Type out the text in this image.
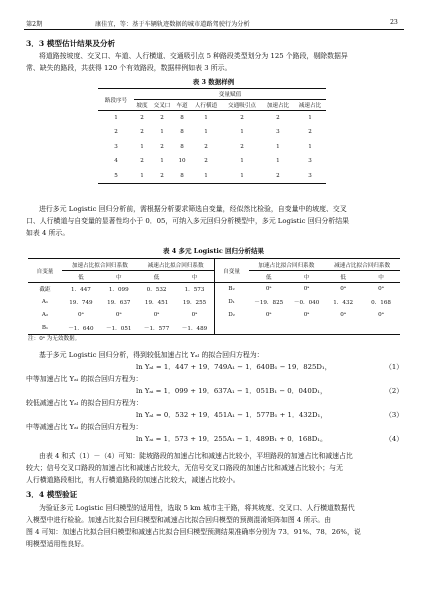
第2期	康佳宜，等：基于车辆轨迹数据的城市道路驾驶行为分析	23
3．3 模型估计结果及分析
将道路按坡度、交叉口、车道、人行横道、交通吸引点 5 种路段类型划分为 125 个路段，剔除数据异
常、缺失的路段，共获得 120 个有效路段，数据样例如表 3 所示。
表 3 数据样例
路段序号	变量赋值						
	坡度	交叉口	车道	人行横道	交通吸引点	加速占比	减速占比
1	2	2	8	1	2	2	1
2	2	1	8	1	1	3	2
3	1	2	8	2	2	1	1
4	2	1	10	2	1	1	3
5	1	2	8	1	1	2	3
进行多元 Logistic 回归分析前，需根据分析要求筛选自变量，经似然比检验，自变量中的坡度、交叉
口、人行横道与自变量的显著性均小于 0．05，可纳入多元回归分析模型中，多元 Logistic 回归分析结果
如表 4 所示。
表 4 多元 Logistic 回归分析结果
自变量	加速占比拟合回归系数		减速占比拟合回归系数		自变量	加速占比拟合回归系数		减速占比拟合回归系数	
	低	中	低	中		低	中	低	中
截距	1．447	1．099	0．532	1．573	B₂	0ᵃ	0ᵃ	0ᵃ	0ᵃ
A₁	19．749	19．637	19．451	19．255	D₁	－19．825	－0．040	1．432	0．168
A₂	0ᵃ	0ᵃ	0ᵃ	0ᵃ	D₂	0ᵃ	0ᵃ	0ᵃ	0ᵃ
B₁	－1．640	－1．051	－1．577	－1．489					
注：0ᵃ 为无效数据。
基于多元 Logistic 回归分析，得到较低加速占比 Yₐₗ 的拟合回归方程为：
ln Yₐₗ = 1．447 + 19．749A₁ − 1．640B₁ − 19．825D₁，	（1）
中等加速占比 Yₐᵢ 的拟合回归方程为：
ln Yₐᵢ = 1．099 + 19．637A₁ − 1．051B₁ − 0．040D₁，	（2）
较低减速占比 Yₐₗ 的拟合回归方程为：
ln Yₐₗ = 0．532 + 19．451A₁ − 1．577B₁ + 1．432D₁，	（3）
中等减速占比 Yₐᵢ 的拟合回归方程为：
ln Yₐᵢ = 1．573 + 19．255A₁ − 1．489B₁ + 0．168D₁。	（4）
由表 4 和式（1）－（4）可知：陡坡路段的加速占比和减速占比较小，平坦路段的加速占比和减速占比
较大；信号交叉口路段的加速占比和减速占比较大，无信号交叉口路段的加速占比和减速占比较小；与无
人行横道路段相比，有人行横道路段的加速占比较大，减速占比较小。
3．4 模型验证
为验证多元 Logistic 回归模型的适用性，选取 5 km 城市主干路，将其坡度、交叉口、人行横道数据代
入模型中进行检验。加速占比拟合回归模型和减速占比拟合回归模型的预测混淆矩阵如图 4 所示。由
图 4 可知：加速占比拟合回归模型和减速占比拟合回归模型预测结果准确率分别为 73．91%、78．26%，说
明模型适用性良好。
